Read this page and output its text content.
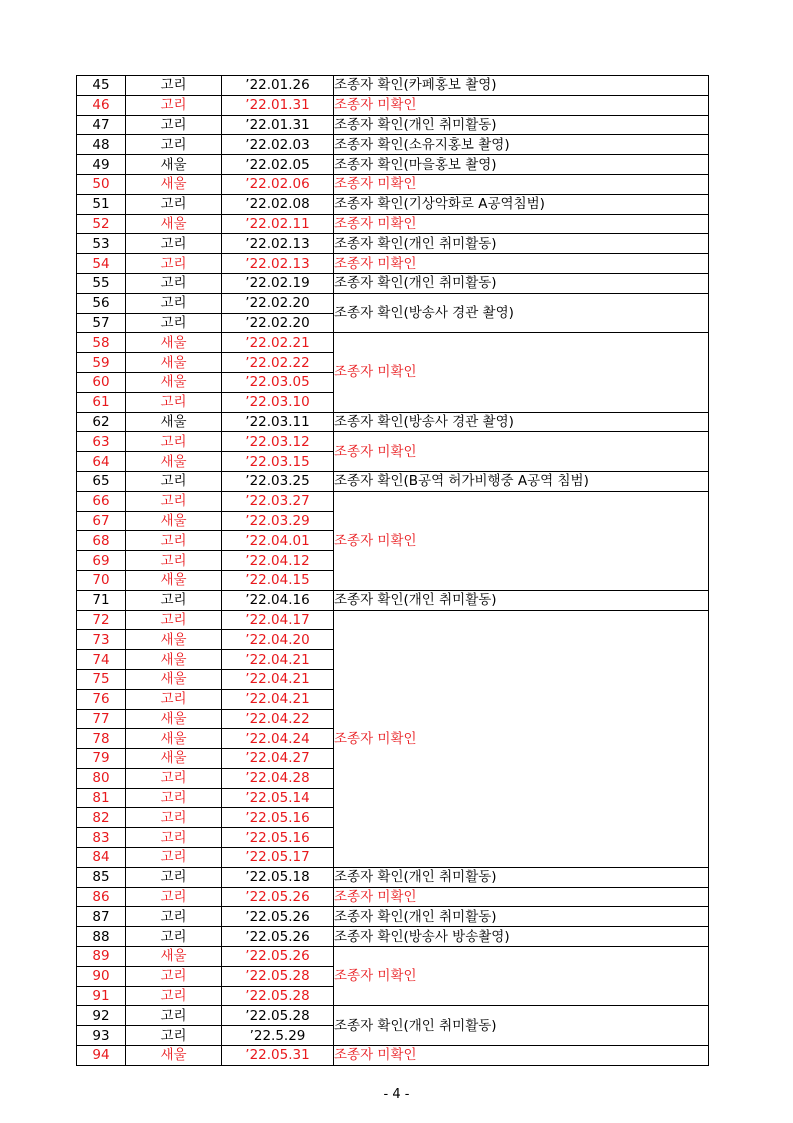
45	고리	’22.01.26	조종자 확인(카페홍보 촬영)
46	고리	’22.01.31	조종자 미확인
47	고리	’22.01.31	조종자 확인(개인 취미활동)
48	고리	’22.02.03	조종자 확인(소유지홍보 촬영)
49	새울	’22.02.05	조종자 확인(마을홍보 촬영)
50	새울	’22.02.06	조종자 미확인
51	고리	’22.02.08	조종자 확인(기상악화로 A공역침범)
52	새울	’22.02.11	조종자 미확인
53	고리	’22.02.13	조종자 확인(개인 취미활동)
54	고리	’22.02.13	조종자 미확인
55	고리	’22.02.19	조종자 확인(개인 취미활동)
56	고리	’22.02.20	조종자 확인(방송사 경관 촬영)
57	고리	’22.02.20	
58	새울	’22.02.21	조종자 미확인
59	새울	’22.02.22	
60	새울	’22.03.05	
61	고리	’22.03.10	
62	새울	’22.03.11	조종자 확인(방송사 경관 촬영)
63	고리	’22.03.12	조종자 미확인
64	새울	’22.03.15	
65	고리	’22.03.25	조종자 확인(B공역 허가비행중 A공역 침범)
66	고리	’22.03.27	조종자 미확인
67	새울	’22.03.29	
68	고리	’22.04.01	
69	고리	’22.04.12	
70	새울	’22.04.15	
71	고리	’22.04.16	조종자 확인(개인 취미활동)
72	고리	’22.04.17	조종자 미확인
73	새울	’22.04.20	
74	새울	’22.04.21	
75	새울	’22.04.21	
76	고리	’22.04.21	
77	새울	’22.04.22	
78	새울	’22.04.24	
79	새울	’22.04.27	
80	고리	’22.04.28	
81	고리	’22.05.14	
82	고리	’22.05.16	
83	고리	’22.05.16	
84	고리	’22.05.17	
85	고리	’22.05.18	조종자 확인(개인 취미활동)
86	고리	’22.05.26	조종자 미확인
87	고리	’22.05.26	조종자 확인(개인 취미활동)
88	고리	’22.05.26	조종자 확인(방송사 방송촬영)
89	새울	’22.05.26	조종자 미확인
90	고리	’22.05.28	
91	고리	’22.05.28	
92	고리	’22.05.28	조종자 확인(개인 취미활동)
93	고리	’22.5.29	
94	새울	’22.05.31	조종자 미확인
- 4 -
